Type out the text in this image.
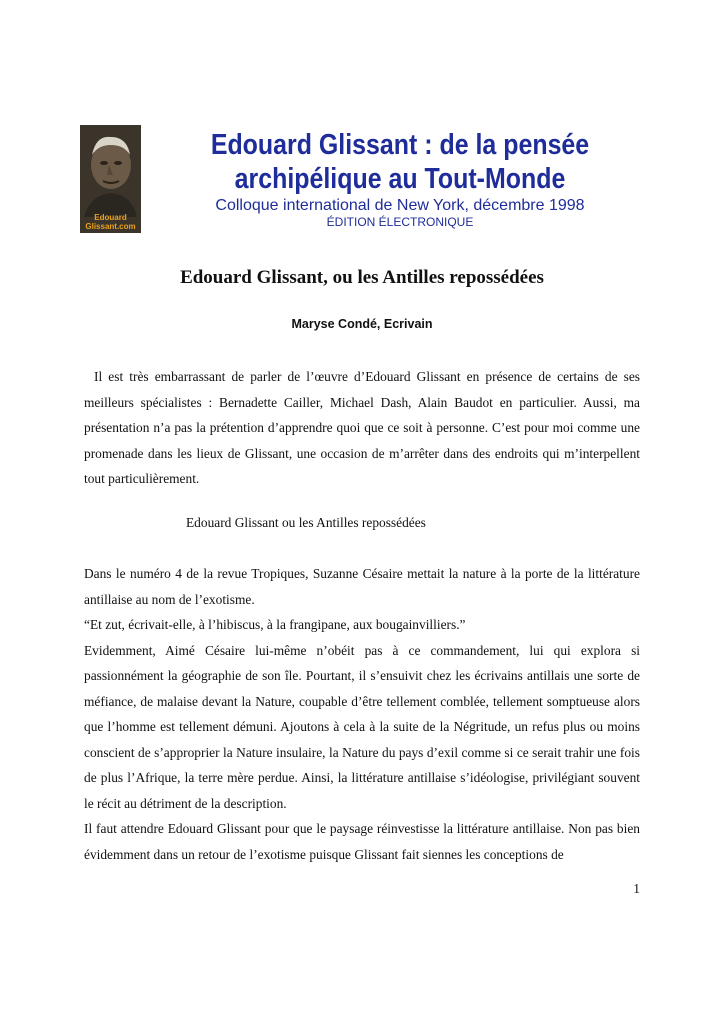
Edouard
Glissant.com
Edouard Glissant : de la pensée
archipélique au Tout-Monde
Colloque international de New York, décembre 1998
ÉDITION ÉLECTRONIQUE
Edouard Glissant, ou les Antilles repossédées
Maryse Condé, Ecrivain

Il est très embarrassant de parler de l’œuvre d’Edouard Glissant en présence de certains de ses meilleurs spécialistes : Bernadette Cailler, Michael Dash, Alain Baudot en particulier. Aussi, ma présentation n’a pas la prétention d’apprendre quoi que ce soit à personne. C’est pour moi comme une promenade dans les lieux de Glissant, une occasion de m’arrêter dans des endroits qui m’interpellent tout particulièrement.

Edouard Glissant ou les Antilles repossédées

Dans le numéro 4 de la revue Tropiques, Suzanne Césaire mettait la nature à la porte de la littérature antillaise au nom de l’exotisme.

“Et zut, écrivait-elle, à l’hibiscus, à la frangipane, aux bougainvilliers.”

Evidemment, Aimé Césaire lui-même n’obéit pas à ce commandement, lui qui explora si passionnément la géographie de son île. Pourtant, il s’ensuivit chez les écrivains antillais une sorte de méfiance, de malaise devant la Nature, coupable d’être tellement comblée, tellement somptueuse alors que l’homme est tellement démuni. Ajoutons à cela à la suite de la Négritude, un refus plus ou moins conscient de s’approprier la Nature insulaire, la Nature du pays d’exil comme si ce serait trahir une fois de plus l’Afrique, la terre mère perdue. Ainsi, la littérature antillaise s’idéologise, privilégiant souvent le récit au détriment de la description.

Il faut attendre Edouard Glissant pour que le paysage réinvestisse la littérature antillaise. Non pas bien évidemment dans un retour de l’exotisme puisque Glissant fait siennes les conceptions de

1
